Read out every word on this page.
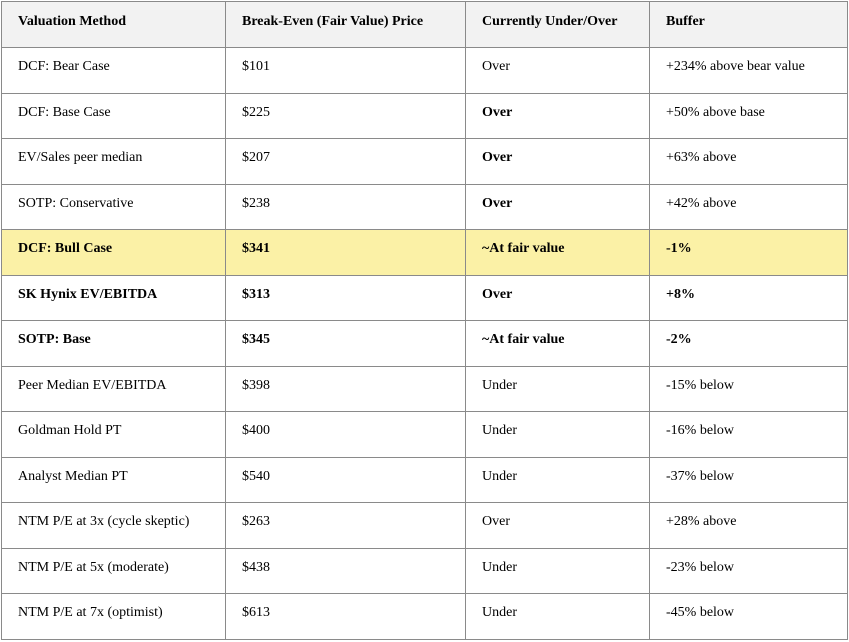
Valuation Method	Break-Even (Fair Value) Price	Currently Under/Over	Buffer
DCF: Bear Case	$101	Over	+234% above bear value
DCF: Base Case	$225	Over	+50% above base
EV/Sales peer median	$207	Over	+63% above
SOTP: Conservative	$238	Over	+42% above
DCF: Bull Case	$341	~At fair value	-1%
SK Hynix EV/EBITDA	$313	Over	+8%
SOTP: Base	$345	~At fair value	-2%
Peer Median EV/EBITDA	$398	Under	-15% below
Goldman Hold PT	$400	Under	-16% below
Analyst Median PT	$540	Under	-37% below
NTM P/E at 3x (cycle skeptic)	$263	Over	+28% above
NTM P/E at 5x (moderate)	$438	Under	-23% below
NTM P/E at 7x (optimist)	$613	Under	-45% below
